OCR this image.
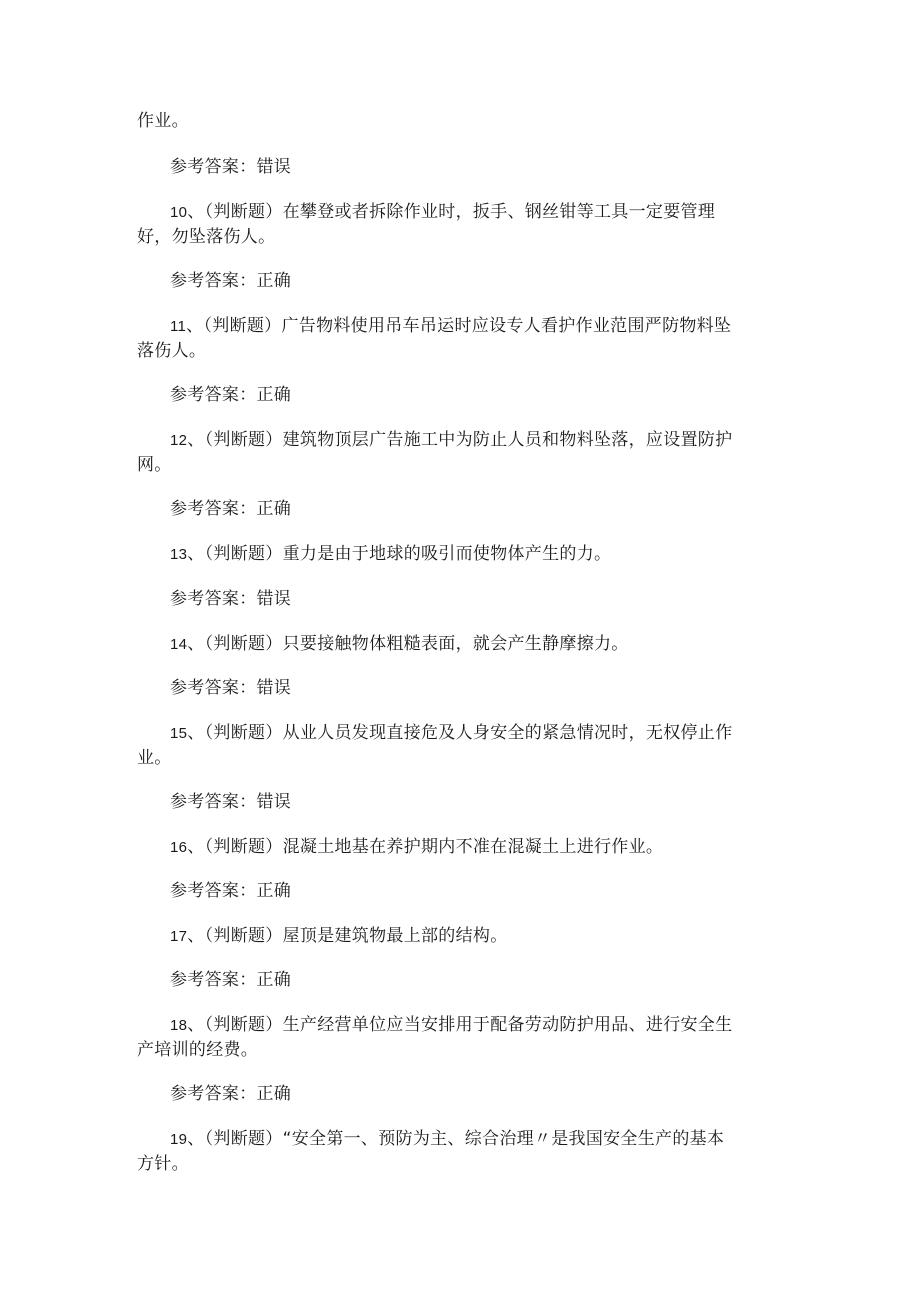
作业。
参考答案：错误
10、（判断题）在攀登或者拆除作业时，扳手、钢丝钳等工具一定要管理
好，勿坠落伤人。
参考答案：正确
11、（判断题）广告物料使用吊车吊运时应设专人看护作业范围严防物料坠
落伤人。
参考答案：正确
12、（判断题）建筑物顶层广告施工中为防止人员和物料坠落，应设置防护
网。
参考答案：正确
13、（判断题）重力是由于地球的吸引而使物体产生的力。
参考答案：错误
14、（判断题）只要接触物体粗糙表面，就会产生静摩擦力。
参考答案：错误
15、（判断题）从业人员发现直接危及人身安全的紧急情况时，无权停止作
业。
参考答案：错误
16、（判断题）混凝土地基在养护期内不准在混凝土上进行作业。
参考答案：正确
17、（判断题）屋顶是建筑物最上部的结构。
参考答案：正确
18、（判断题）生产经营单位应当安排用于配备劳动防护用品、进行安全生
产培训的经费。
参考答案：正确
19、（判断题）“安全第一、预防为主、综合治理〃是我国安全生产的基本
方针。
